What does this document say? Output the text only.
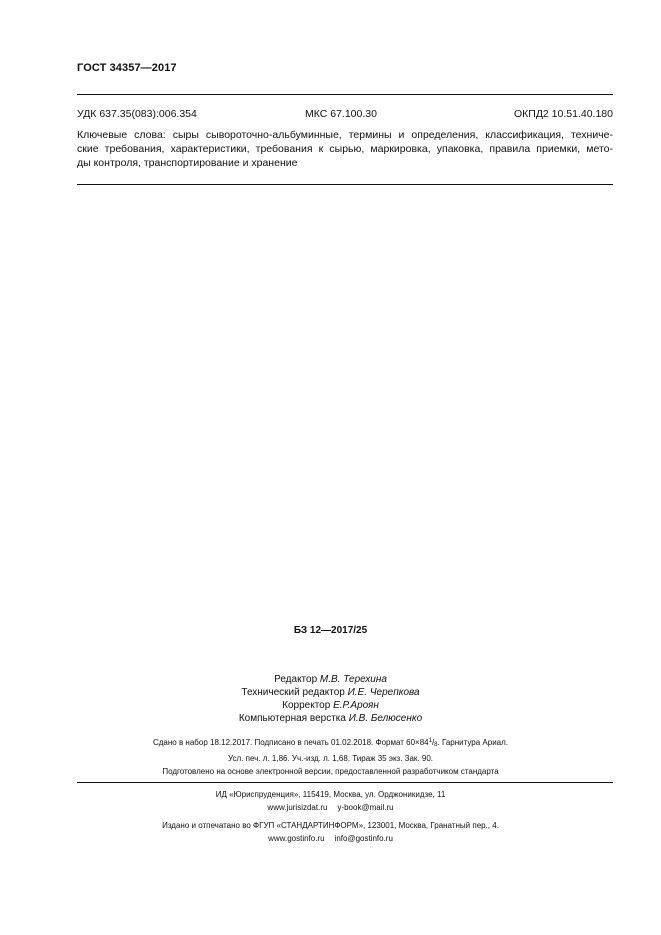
ГОСТ 34357—2017
УДК 637.35(083):006.354	МКС 67.100.30	ОКПД2 10.51.40.180
Ключевые слова: сыры сывороточно-альбуминные, термины и определения, классификация, техниче-
ские требования, характеристики, требования к сырью, маркировка, упаковка, правила приемки, мето-
ды контроля, транспортирование и хранение
БЗ 12—2017/25
Редактор М.В. Терехина
Технический редактор И.Е. Черепкова
Корректор Е.Р.Ароян
Компьютерная верстка И.В. Белюсенко
Сдано в набор 18.12.2017. Подписано в печать 01.02.2018. Формат $60\times 84^1/_8$. Гарнитура Ариал.
Усл. печ. л. 1,86. Уч.-изд. л. 1,68. Тираж 35 экз. Зак. 90.
Подготовлено на основе электронной версии, предоставленной разработчиком стандарта
ИД «Юриспруденция», 115419, Москва, ул. Орджоникидзе, 11
www.jurisizdat.ru y-book@mail.ru
Издано и отпечатано во ФГУП «СТАНДАРТИНФОРМ», 123001, Москва, Гранатный пер., 4.
www.gostinfo.ru info@gostinfo.ru
